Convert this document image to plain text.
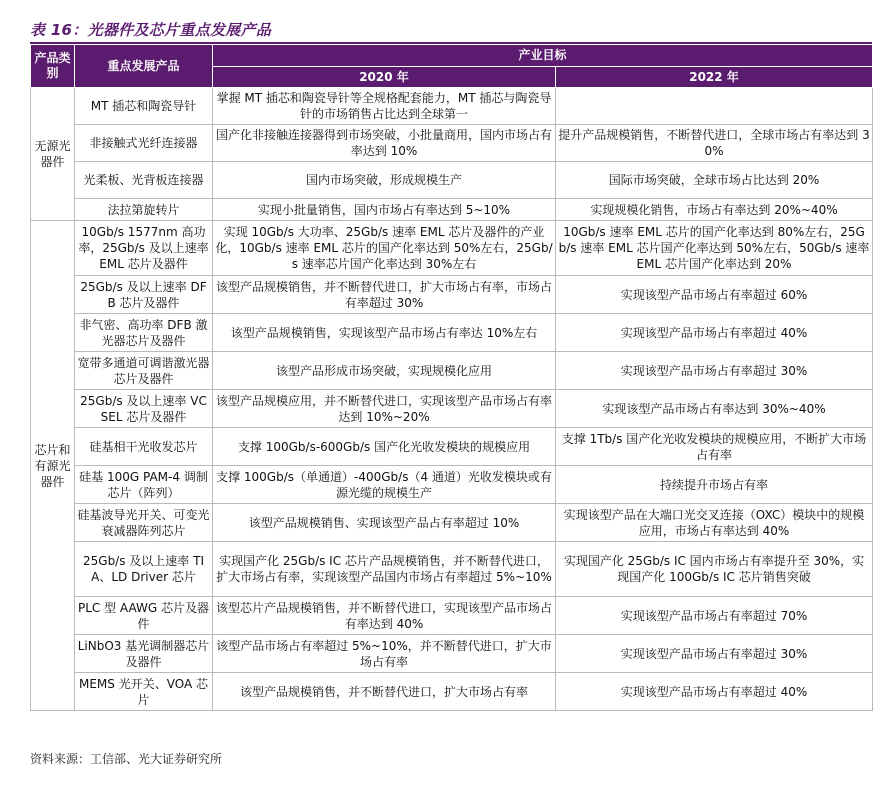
表 16：光器件及芯片重点发展产品
产品类别	重点发展产品	产业目标	
		2020 年	2022 年
无源光器件	MT 插芯和陶瓷导针	掌握 MT 插芯和陶瓷导针等全规格配套能力，MT 插芯与陶瓷导针的市场销售占比达到全球第一	
	非接触式光纤连接器	国产化非接触连接器得到市场突破，小批量商用，国内市场占有率达到 10%	提升产品规模销售，不断替代进口，全球市场占有率达到 30%
	光柔板、光背板连接器	国内市场突破，形成规模生产	国际市场突破，全球市场占比达到 20%
	法拉第旋转片	实现小批量销售，国内市场占有率达到 5~10%	实现规模化销售，市场占有率达到 20%~40%
芯片和有源光器件	10Gb/s 1577nm 高功率，25Gb/s 及以上速率 EML 芯片及器件	实现 10Gb/s 大功率、25Gb/s 速率 EML 芯片及器件的产业化，10Gb/s 速率 EML 芯片的国产化率达到 50%左右，25Gb/s 速率芯片国产化率达到 30%左右	10Gb/s 速率 EML 芯片的国产化率达到 80%左右，25Gb/s 速率 EML 芯片国产化率达到 50%左右，50Gb/s 速率 EML 芯片国产化率达到 20%
	25Gb/s 及以上速率 DFB 芯片及器件	该型产品规模销售，并不断替代进口，扩大市场占有率，市场占有率超过 30%	实现该型产品市场占有率超过 60%
	非气密、高功率 DFB 激光器芯片及器件	该型产品规模销售，实现该型产品市场占有率达 10%左右	实现该型产品市场占有率超过 40%
	宽带多通道可调谐激光器芯片及器件	该型产品形成市场突破，实现规模化应用	实现该型产品市场占有率超过 30%
	25Gb/s 及以上速率 VCSEL 芯片及器件	该型产品规模应用，并不断替代进口，实现该型产品市场占有率达到 10%~20%	实现该型产品市场占有率达到 30%~40%
	硅基相干光收发芯片	支撑 100Gb/s-600Gb/s 国产化光收发模块的规模应用	支撑 1Tb/s 国产化光收发模块的规模应用，不断扩大市场占有率
	硅基 100G PAM-4 调制芯片（阵列）	支撑 100Gb/s（单通道）-400Gb/s（4 通道）光收发模块或有源光缆的规模生产	持续提升市场占有率
	硅基波导光开关、可变光衰减器阵列芯片	该型产品规模销售、实现该型产品占有率超过 10%	实现该型产品在大端口光交叉连接（OXC）模块中的规模应用，市场占有率达到 40%
	25Gb/s 及以上速率 TIA、LD Driver 芯片	实现国产化 25Gb/s IC 芯片产品规模销售，并不断替代进口，扩大市场占有率，实现该型产品国内市场占有率超过 5%~10%	实现国产化 25Gb/s IC 国内市场占有率提升至 30%，实现国产化 100Gb/s IC 芯片销售突破
	PLC 型 AAWG 芯片及器件	该型芯片产品规模销售，并不断替代进口，实现该型产品市场占有率达到 40%	实现该型产品市场占有率超过 70%
	LiNbO3 基光调制器芯片及器件	该型产品市场占有率超过 5%~10%，并不断替代进口，扩大市场占有率	实现该型产品市场占有率超过 30%
	MEMS 光开关、VOA 芯片	该型产品规模销售，并不断替代进口，扩大市场占有率	实现该型产品市场占有率超过 40%
资料来源：工信部、光大证券研究所
